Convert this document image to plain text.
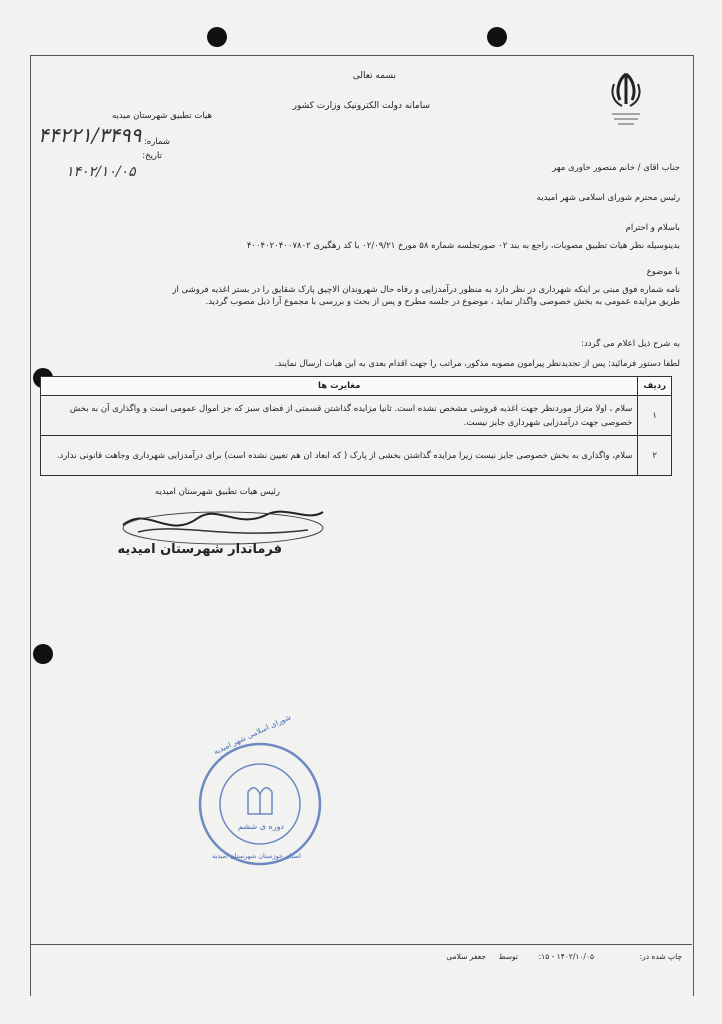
بسمه تعالی
سامانه دولت الکترونیک وزارت کشور
هیات تطبیق شهرستان میدیه
شماره:
۴۴۲۲۱/۳۴۹۹
تاریخ:
۱۴۰۲/۱۰/۰۵	جناب اقای / خانم منصور خاوری مهر
رئیس محترم شورای اسلامی شهر امیدیه
باسلام و احترام
بدینوسیله نظر هیات تطبیق مصوبات، راجع به بند ۰۲ صورتجلسه شماره ۵۸ مورخ ۰۲/۰۹/۲۱ با کد رهگیری ۴۰۰۴۰۲۰۴۰۰۷۸۰۲
با موضوع
نامه شماره فوق مبنی بر اینکه شهرداری در نظر دارد به منظور درآمدزایی و رفاه حال شهروندان الاچیق پارک شقایق را در بستر اغذیه فروشی از
طریق مزایده عمومی به بخش خصوصی واگذار نماید ، موضوع در جلسه مطرح و پس از بحث و بررسی با مجموع آرا ذیل مصوب گردید.
به شرح ذیل اعلام می گردد:
لطفا دستور فرمائید: پس از تجدیدنظر پیرامون مصوبه مذکور، مراتب را جهت اقدام بعدی به این هیات ارسال نمایند.
ردیف	مغایرت ها
۱	سلام ، اولا متراژ موردنظر جهت اغذیه فروشی مشخص نشده است. ثانیا مزایده گذاشتن قسمتی از فضای سبز که جز اموال عمومی است و واگذاری آن به بخش خصوصی جهت درآمدزایی شهرداری جایز نیست.
۲	سلام، واگذاری به بخش خصوصی جایز نیست زیرا مزایده گذاشتن بخشی از پارک ( که ابعاد ان هم تعیین نشده است) برای درآمدزایی شهرداری وجاهت قانونی ندارد.
رئیس هیات تطبیق شهرستان امیدیه
فرماندار شهرستان امیدیه
شورای اسلامی شهر امیدیه
دوره ی ششم
استان خوزستان شهرستان امیدیه
چاپ شده در:
۱۴۰۲/۱۰/۰۵ - ۱۵:
توسط
جعفر سلامی
